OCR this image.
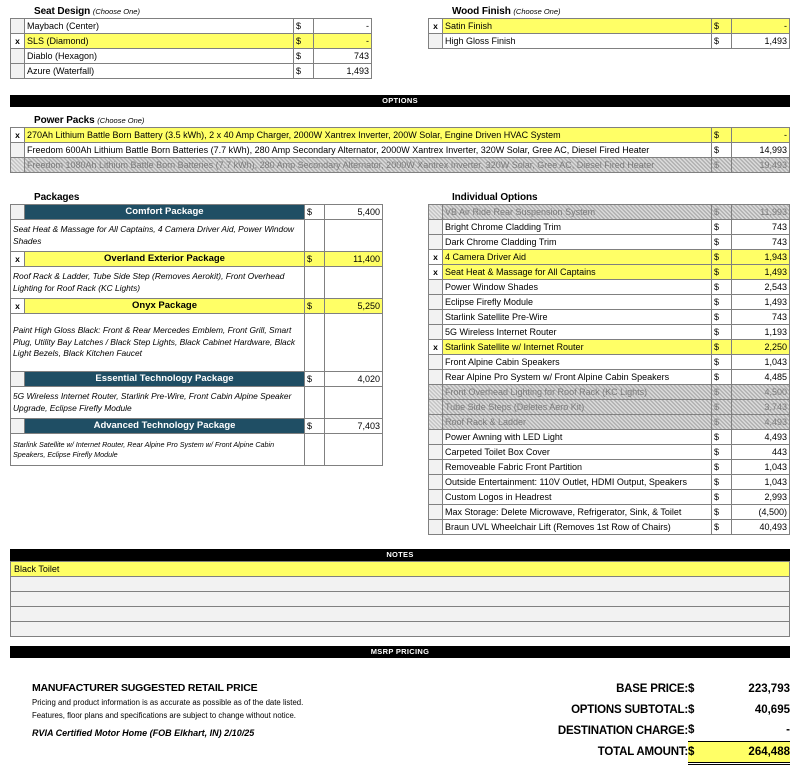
Seat Design (Choose One)
	Maybach (Center)	$	-
x	SLS (Diamond)	$	-
	Diablo (Hexagon)	$	743
	Azure (Waterfall)	$	1,493
Wood Finish (Choose One)
x	Satin Finish	$	-
	High Gloss Finish	$	1,493
OPTIONS
Power Packs (Choose One)
x	270Ah Lithium Battle Born Battery (3.5 kWh), 2 x 40 Amp Charger, 2000W Xantrex Inverter, 200W Solar, Engine Driven HVAC System	$	-
	Freedom 600Ah Lithium Battle Born Batteries (7.7 kWh), 280 Amp Secondary Alternator, 2000W Xantrex Inverter, 320W Solar, Gree AC, Diesel Fired Heater	$	14,993
	Freedom 1080Ah Lithium Battle Born Batteries (7.7 kWh), 280 Amp Secondary Alternator, 2000W Xantrex Inverter, 320W Solar, Gree AC, Diesel Fired Heater	$	19,493
Packages
	Comfort Package	$	5,400
Seat Heat & Massage for All Captains, 4 Camera Driver Aid, Power Window Shades			
x	Overland Exterior Package	$	11,400
Roof Rack & Ladder, Tube Side Step (Removes Aerokit), Front Overhead Lighting for Roof Rack (KC Lights)			
x	Onyx Package	$	5,250
Paint High Gloss Black: Front & Rear Mercedes Emblem, Front Grill, Smart Plug, Utility Bay Latches / Black Step Lights, Black Cabinet Hardware, Black Light Bezels, Black Kitchen Faucet			
	Essential Technology Package	$	4,020
5G Wireless Internet Router, Starlink Pre-Wire, Front Cabin Alpine Speaker Upgrade, Eclipse Firefly Module			
	Advanced Technology Package	$	7,403
Starlink Satellite w/ Internet Router, Rear Alpine Pro System w/ Front Alpine Cabin Speakers, Eclipse Firefly Module			
Individual Options
	VB Air Ride Rear Suspension System	$	11,993
	Bright Chrome Cladding Trim	$	743
	Dark Chrome Cladding Trim	$	743
x	4 Camera Driver Aid	$	1,943
x	Seat Heat & Massage for All Captains	$	1,493
	Power Window Shades	$	2,543
	Eclipse Firefly Module	$	1,493
	Starlink Satellite Pre-Wire	$	743
	5G Wireless Internet Router	$	1,193
x	Starlink Satellite w/ Internet Router	$	2,250
	Front Alpine Cabin Speakers	$	1,043
	Rear Alpine Pro System w/ Front Alpine Cabin Speakers	$	4,485
	Front Overhead Lighting for Roof Rack (KC Lights)	$	4,500
	Tube Side Steps (Deletes Aero Kit)	$	3,743
	Roof Rack & Ladder	$	4,493
	Power Awning with LED Light	$	4,493
	Carpeted Toilet Box Cover	$	443
	Removeable Fabric Front Partition	$	1,043
	Outside Entertainment: 110V Outlet, HDMI Output, Speakers	$	1,043
	Custom Logos in Headrest	$	2,993
	Max Storage: Delete Microwave, Refrigerator, Sink, & Toilet	$	(4,500)
	Braun UVL Wheelchair Lift (Removes 1st Row of Chairs)	$	40,493
NOTES
Black Toilet

MSRP PRICING
MANUFACTURER SUGGESTED RETAIL PRICE
Pricing and product information is as accurate as possible as of the date listed. Features, floor plans and specifications are subject to change without notice.
RVIA Certified Motor Home (FOB Elkhart, IN) 2/10/25
BASE PRICE:	$	223,793
OPTIONS SUBTOTAL:	$	40,695
DESTINATION CHARGE:	$	-
TOTAL AMOUNT:	$	264,488
